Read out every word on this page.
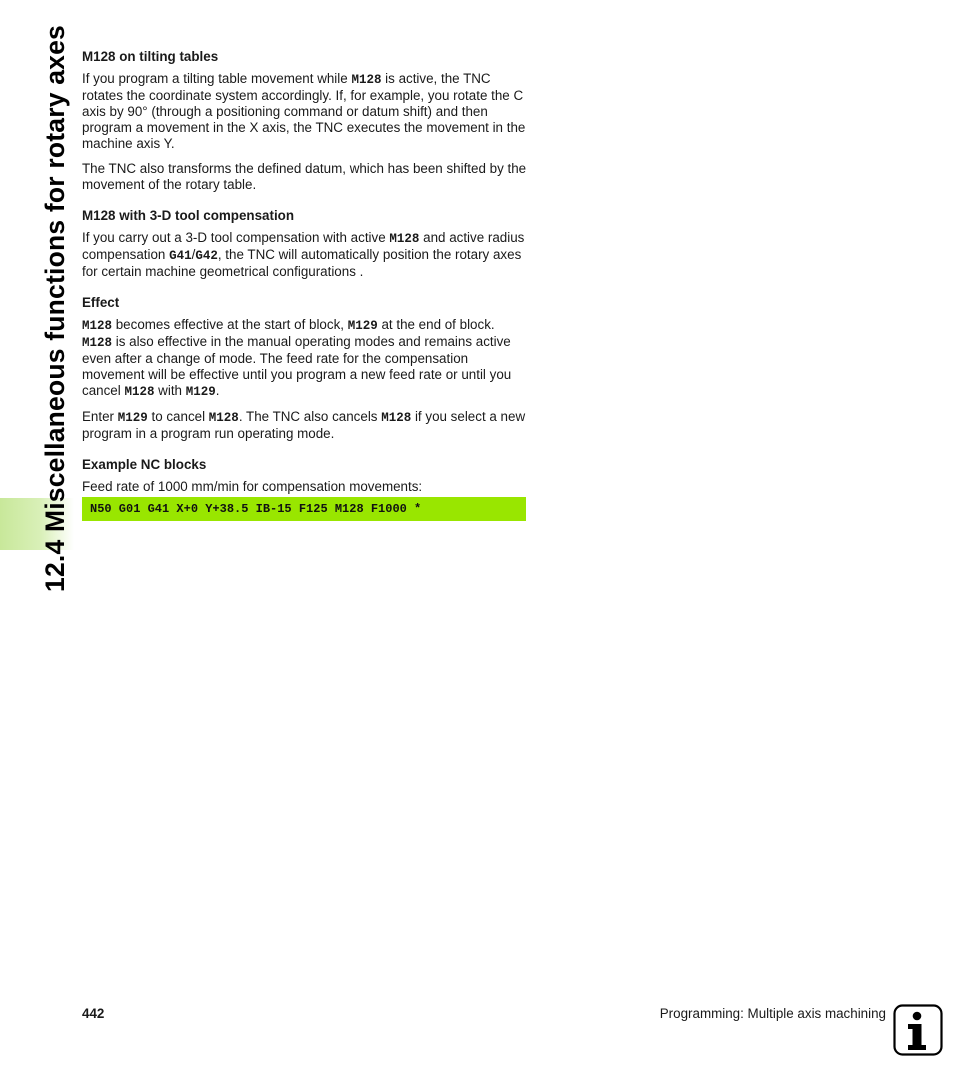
12.4 Miscellaneous functions for rotary axes M128 on tilting tables

If you program a tilting table movement while M128 is active, the TNC rotates the coordinate system accordingly. If, for example, you rotate the C axis by 90° (through a positioning command or datum shift) and then program a movement in the X axis, the TNC executes the movement in the machine axis Y.

The TNC also transforms the defined datum, which has been shifted by the movement of the rotary table.

M128 with 3-D tool compensation

If you carry out a 3-D tool compensation with active M128 and active radius compensation G41/G42, the TNC will automatically position the rotary axes for certain machine geometrical configurations .

Effect

M128 becomes effective at the start of block, M129 at the end of block. M128 is also effective in the manual operating modes and remains active even after a change of mode. The feed rate for the compensation movement will be effective until you program a new feed rate or until you cancel M128 with M129.

Enter M129 to cancel M128. The TNC also cancels M128 if you select a new program in a program run operating mode.

Example NC blocks

Feed rate of 1000 mm/min for compensation movements:

N50 G01 G41 X+0 Y+38.5 IB-15 F125 M128 F1000 *
442	Programming: Multiple axis machining
